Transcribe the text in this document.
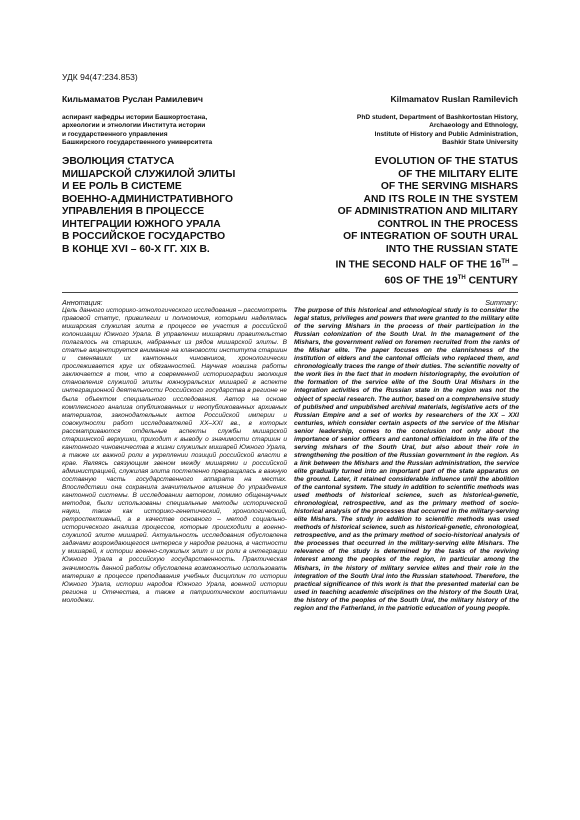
УДК 94(47:234.853)
Кильмаматов Руслан Рамилевич	Kilmamatov Ruslan Ramilevich
аспирант кафедры истории Башкортостана,
археологии и этнологии Института истории
и государственного управления
Башкирского государственного университета
PhD student, Department of Bashkortostan History,
Archaeology and Ethnology,
Institute of History and Public Administration,
Bashkir State University
ЭВОЛЮЦИЯ СТАТУСА
МИШАРСКОЙ СЛУЖИЛОЙ ЭЛИТЫ
И ЕЕ РОЛЬ В СИСТЕМЕ
ВОЕННО-АДМИНИСТРАТИВНОГО
УПРАВЛЕНИЯ В ПРОЦЕССЕ
ИНТЕГРАЦИИ ЮЖНОГО УРАЛА
В РОССИЙСКОЕ ГОСУДАРСТВО
В КОНЦЕ XVI – 60-Х ГГ. XIX В.
EVOLUTION OF THE STATUS
OF THE MILITARY ELITE
OF THE SERVING MISHARS
AND ITS ROLE IN THE SYSTEM
OF ADMINISTRATION AND MILITARY
CONTROL IN THE PROCESS
OF INTEGRATION OF SOUTH URAL
INTO THE RUSSIAN STATE
IN THE SECOND HALF OF THE 16TH –
60S OF THE 19TH CENTURY
Аннотация:	Summary:
Цель данного историко-этнологического исследования – рассмотреть правовой статус, привилегии и полномочия, которыми наделялась мишарская служилая элита в процессе ее участия в российской колонизации Южного Урала. В управлении мишарями правительство полагалось на старшин, набранных из рядов мишарской элиты. В статье акцентируется внимание на клановости института старшин и сменявших их кантонных чиновников, хронологически прослеживается круг их обязанностей. Научная новизна работы заключается в том, что в современной историографии эволюция становления служилой элиты южноуральских мишарей в аспекте интеграционной деятельности Российского государства в регионе не была объектом специального исследования. Автор на основе комплексного анализа опубликованных и неопубликованных архивных материалов, законодательных актов Российской империи и совокупности работ исследователей XX–XXI вв., в которых рассматриваются отдельные аспекты службы мишарской старшинской верхушки, приходит к выводу о значимости старшин и кантонного чиновничества в жизни служилых мишарей Южного Урала, а также их важной роли в укреплении позиций российской власти в крае. Являясь связующим звеном между мишарями и российской администрацией, служилая элита постепенно превращалась в важную составную часть государственного аппарата на местах. Впоследствии она сохранила значительное влияние до упразднения кантонной системы. В исследовании автором, помимо общенаучных методов, были использованы специальные методы исторической науки, такие как историко-генетический, хронологический, ретроспективный, а в качестве основного – метод социально-исторического анализа процессов, которые происходили в военно-служилой элите мишарей. Актуальность исследования обусловлена задачами возрождающегося интереса у народов региона, в частности у мишарей, к истории военно-служилых элит и их роли в интеграции Южного Урала в российскую государственность. Практическая значимость данной работы обусловлена возможностью использовать материал в процессе преподавания учебных дисциплин по истории Южного Урала, истории народов Южного Урала, военной истории региона и Отечества, а также в патриотическом воспитании молодежи.
The purpose of this historical and ethnological study is to consider the legal status, privileges and powers that were granted to the military elite of the serving Mishars in the process of their participation in the Russian colonization of the South Ural. In the management of the Mishars, the government relied on foremen recruited from the ranks of the Mishar elite. The paper focuses on the clannishness of the institution of elders and the cantonal officials who replaced them, and chronologically traces the range of their duties. The scientific novelty of the work lies in the fact that in modern historiography, the evolution of the formation of the service elite of the South Ural Mishars in the integration activities of the Russian state in the region was not the object of special research. The author, based on a comprehensive study of published and unpublished archival materials, legislative acts of the Russian Empire and a set of works by researchers of the XX – XXI centuries, which consider certain aspects of the service of the Mishar senior leadership, comes to the conclusion not only about the importance of senior officers and cantonal officialdom in the life of the serving mishars of the South Ural, but also about their role in strengthening the position of the Russian government in the region. As a link between the Mishars and the Russian administration, the service elite gradually turned into an important part of the state apparatus on the ground. Later, it retained considerable influence until the abolition of the cantonal system. The study in addition to scientific methods was used methods of historical science, such as historical-genetic, chronological, retrospective, and as the primary method of socio-historical analysis of the processes that occurred in the military-serving elite Mishars. The study in addition to scientific methods was used methods of historical science, such as historical-genetic, chronological, retrospective, and as the primary method of socio-historical analysis of the processes that occurred in the military-serving elite Mishars. The relevance of the study is determined by the tasks of the reviving interest among the peoples of the region, in particular among the Mishars, in the history of military service elites and their role in the integration of the South Ural into the Russian statehood. Therefore, the practical significance of this work is that the presented material can be used in teaching academic disciplines on the history of the South Ural, the history of the peoples of the South Ural, the military history of the region and the Fatherland, in the patriotic education of young people.
